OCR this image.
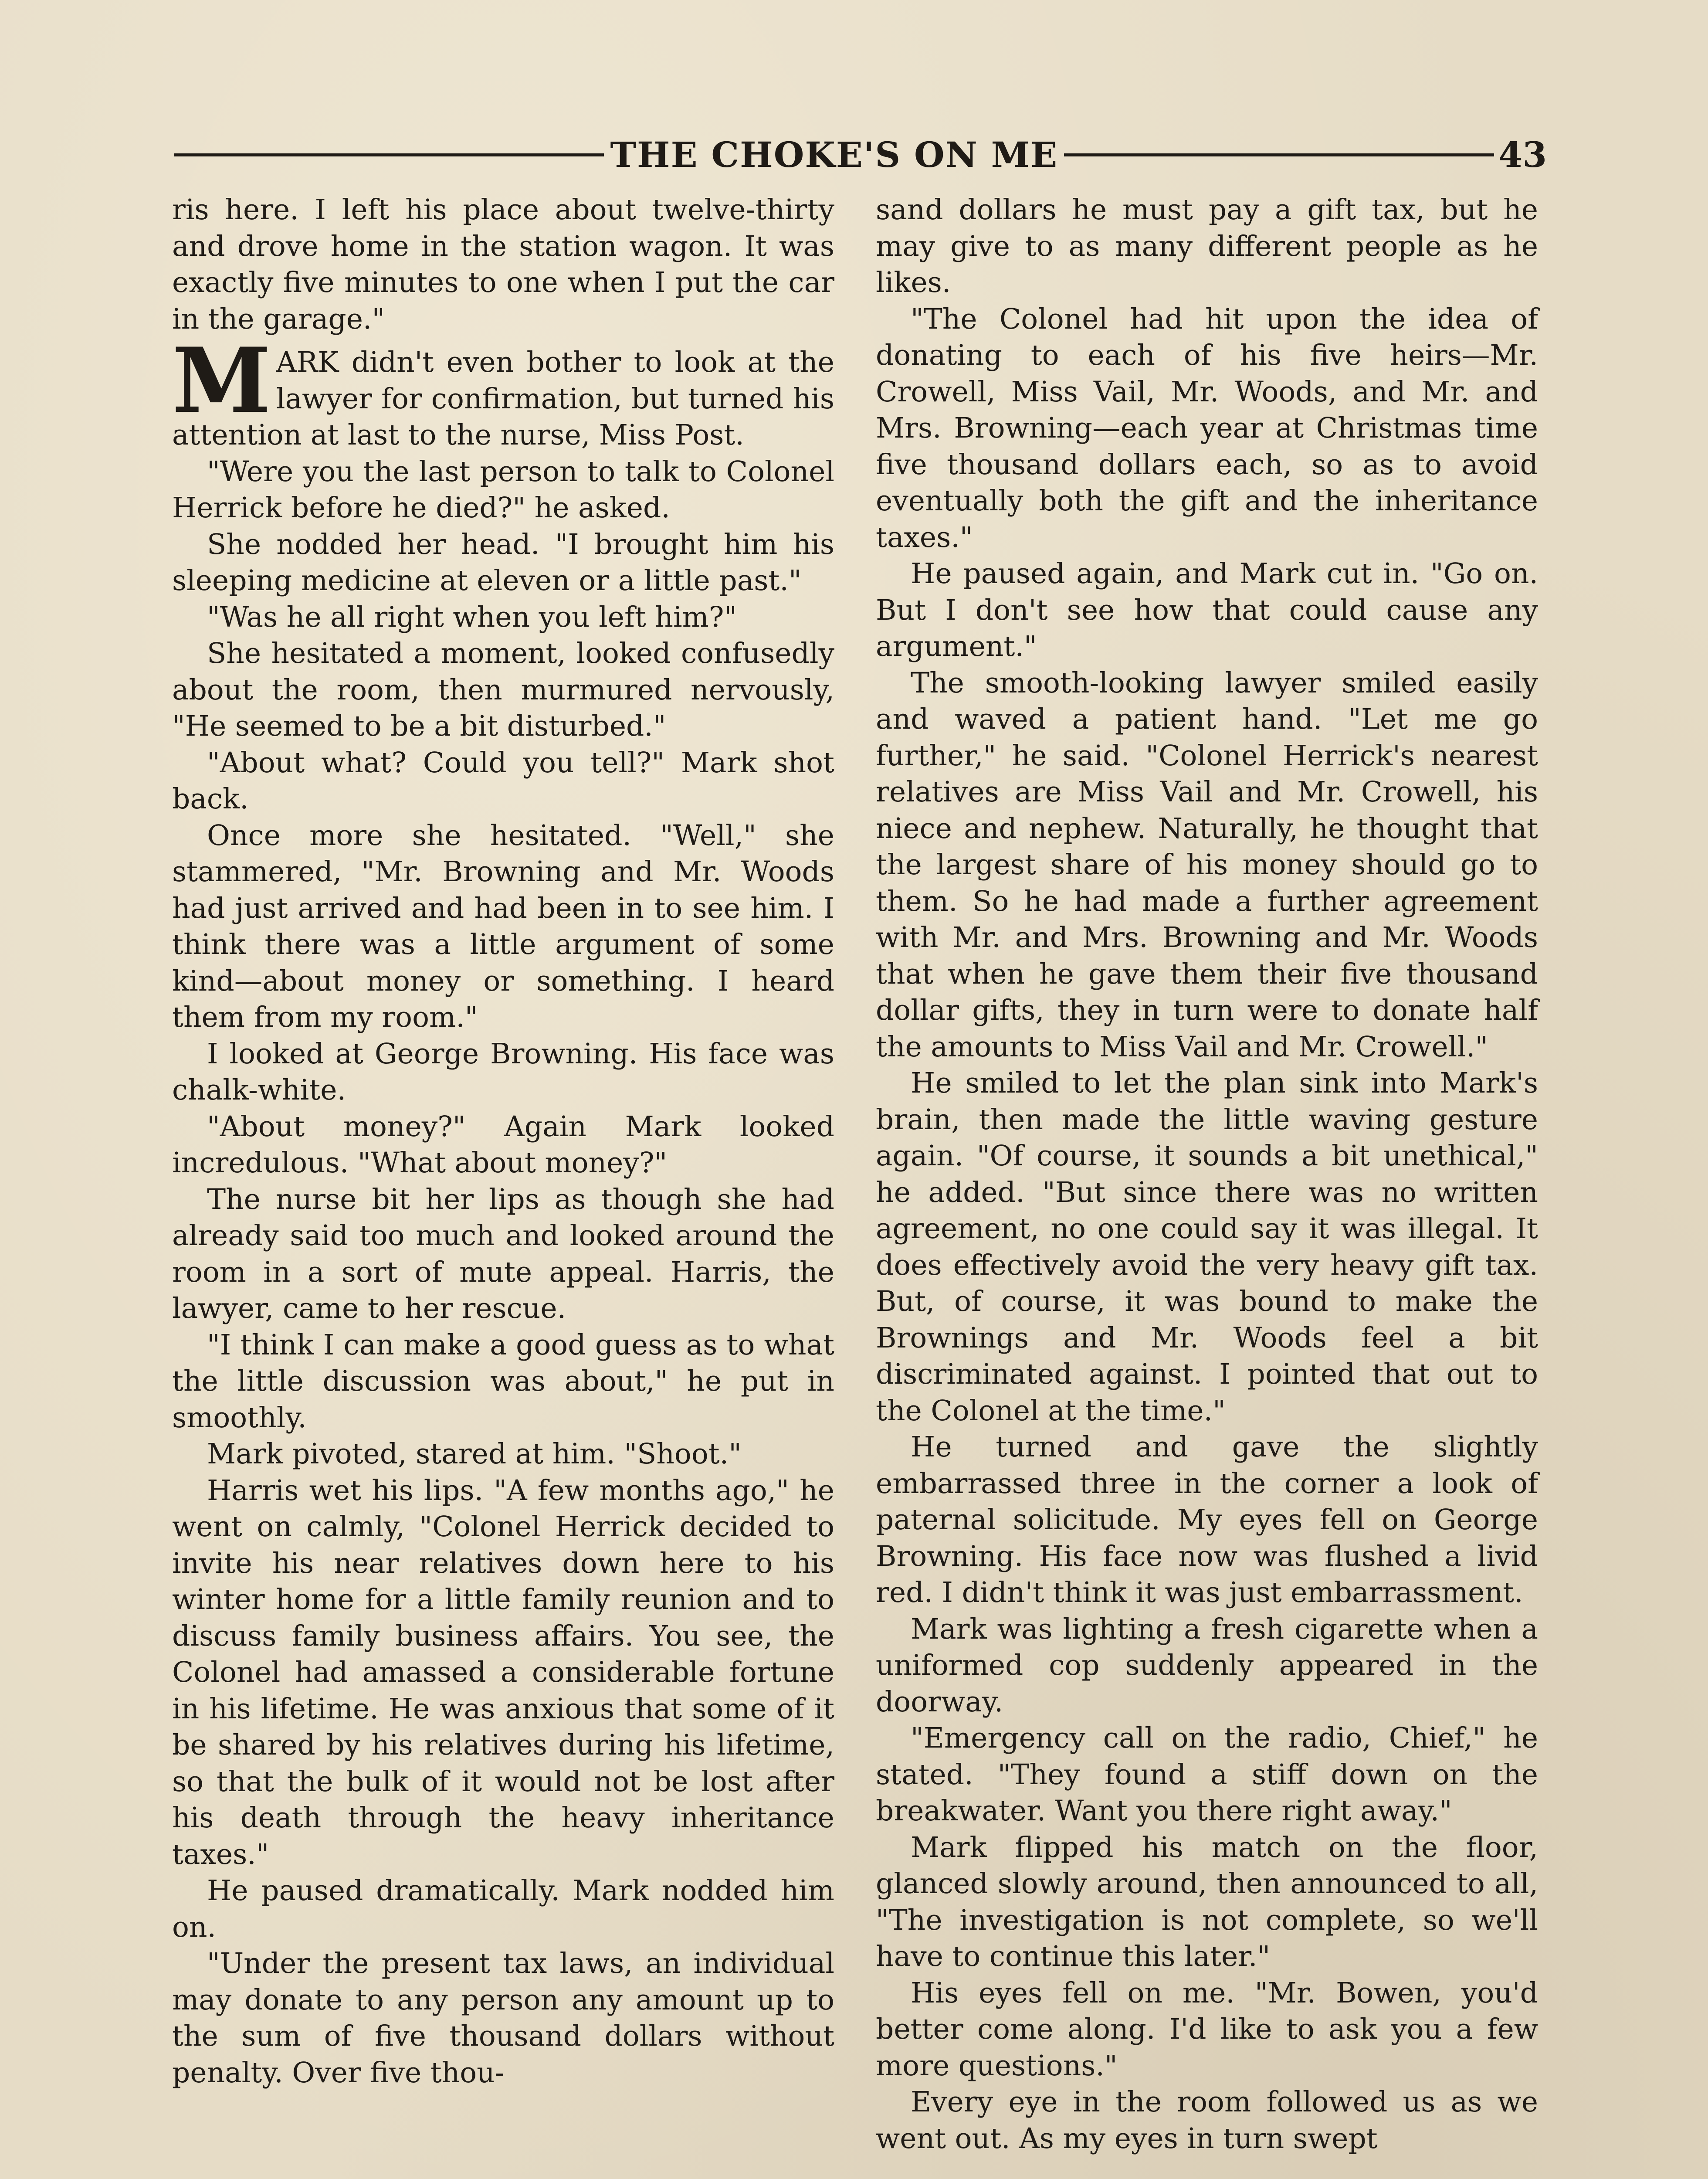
THE CHOKE'S ON ME	43

ris here. I left his place about twelve-thirty and drove home in the station wagon. It was exactly five minutes to one when I put the car in the garage."

MARK didn't even bother to look at the lawyer for confirmation, but turned his attention at last to the nurse, Miss Post.

"Were you the last person to talk to Colonel Herrick before he died?" he asked.

She nodded her head. "I brought him his sleeping medicine at eleven or a little past."

"Was he all right when you left him?"

She hesitated a moment, looked confusedly about the room, then murmured nervously, "He seemed to be a bit disturbed."

"About what? Could you tell?" Mark shot back.

Once more she hesitated. "Well," she stammered, "Mr. Browning and Mr. Woods had just arrived and had been in to see him. I think there was a little argument of some kind—about money or something. I heard them from my room."

I looked at George Browning. His face was chalk-white.

"About money?" Again Mark looked incredulous. "What about money?"

The nurse bit her lips as though she had already said too much and looked around the room in a sort of mute appeal. Harris, the lawyer, came to her rescue.

"I think I can make a good guess as to what the little discussion was about," he put in smoothly.

Mark pivoted, stared at him. "Shoot."

Harris wet his lips. "A few months ago," he went on calmly, "Colonel Herrick decided to invite his near relatives down here to his winter home for a little family reunion and to discuss family business affairs. You see, the Colonel had amassed a considerable fortune in his lifetime. He was anxious that some of it be shared by his relatives during his lifetime, so that the bulk of it would not be lost after his death through the heavy inheritance taxes."

He paused dramatically. Mark nodded him on.

"Under the present tax laws, an individual may donate to any person any amount up to the sum of five thousand dollars without penalty. Over five thou-

sand dollars he must pay a gift tax, but he may give to as many different people as he likes.

"The Colonel had hit upon the idea of donating to each of his five heirs—Mr. Crowell, Miss Vail, Mr. Woods, and Mr. and Mrs. Browning—each year at Christmas time five thousand dollars each, so as to avoid eventually both the gift and the inheritance taxes."

He paused again, and Mark cut in. "Go on. But I don't see how that could cause any argument."

The smooth-looking lawyer smiled easily and waved a patient hand. "Let me go further," he said. "Colonel Herrick's nearest relatives are Miss Vail and Mr. Crowell, his niece and nephew. Naturally, he thought that the largest share of his money should go to them. So he had made a further agreement with Mr. and Mrs. Browning and Mr. Woods that when he gave them their five thousand dollar gifts, they in turn were to donate half the amounts to Miss Vail and Mr. Crowell."

He smiled to let the plan sink into Mark's brain, then made the little waving gesture again. "Of course, it sounds a bit unethical," he added. "But since there was no written agreement, no one could say it was illegal. It does effectively avoid the very heavy gift tax. But, of course, it was bound to make the Brownings and Mr. Woods feel a bit discriminated against. I pointed that out to the Colonel at the time."

He turned and gave the slightly embarrassed three in the corner a look of paternal solicitude. My eyes fell on George Browning. His face now was flushed a livid red. I didn't think it was just embarrassment.

Mark was lighting a fresh cigarette when a uniformed cop suddenly appeared in the doorway.

"Emergency call on the radio, Chief," he stated. "They found a stiff down on the breakwater. Want you there right away."

Mark flipped his match on the floor, glanced slowly around, then announced to all, "The investigation is not complete, so we'll have to continue this later."

His eyes fell on me. "Mr. Bowen, you'd better come along. I'd like to ask you a few more questions."

Every eye in the room followed us as we went out. As my eyes in turn swept
